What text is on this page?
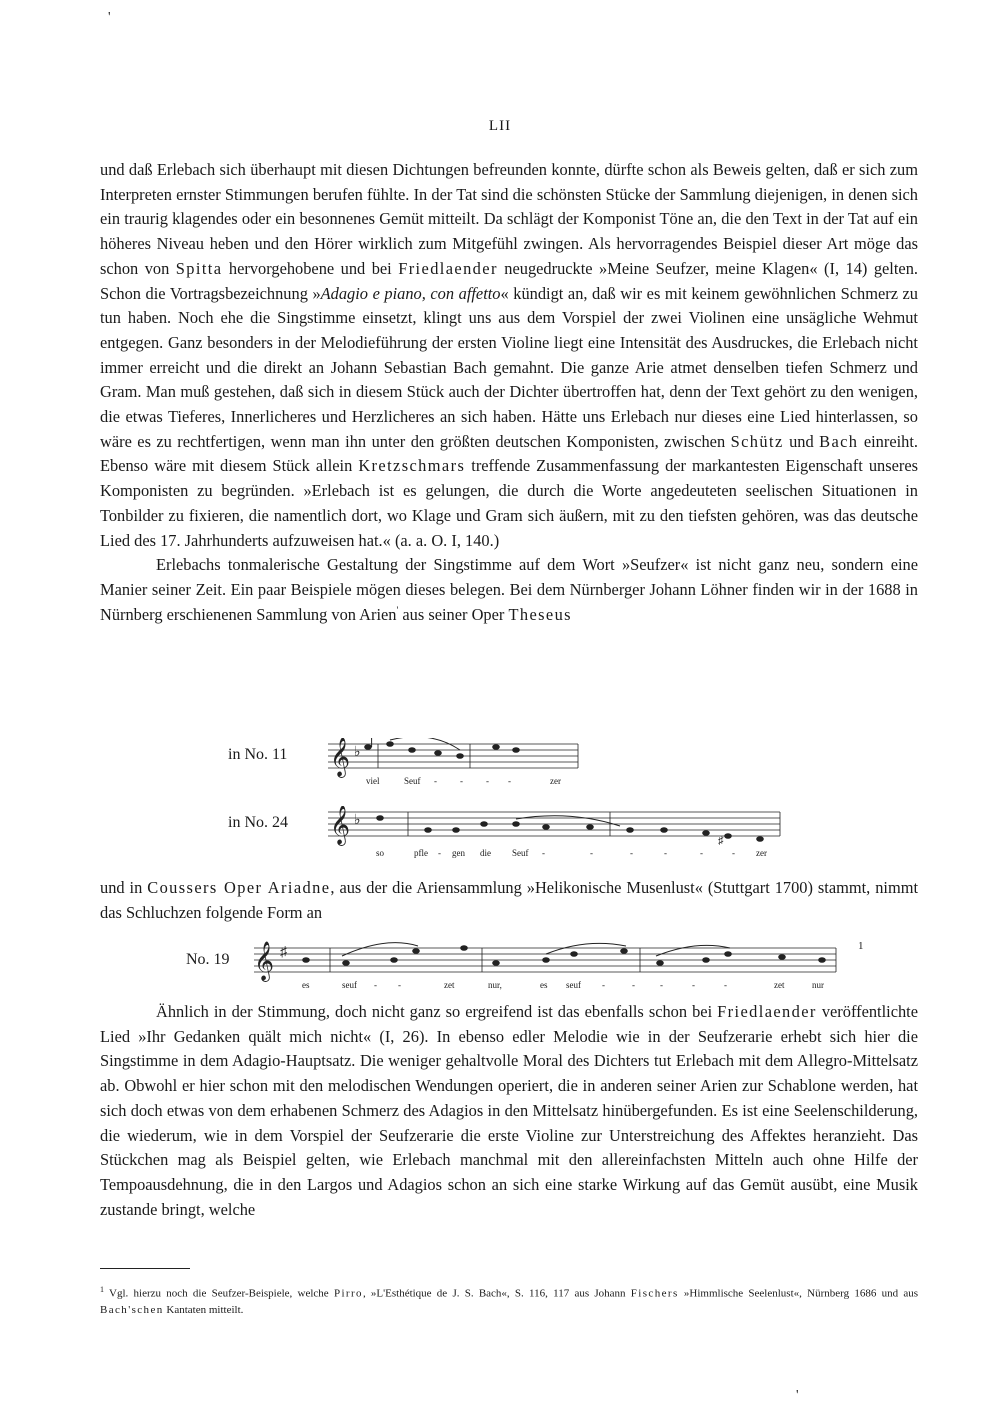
'
LII

und daß Erlebach sich überhaupt mit diesen Dichtungen befreunden konnte, dürfte schon als Beweis gelten, daß er sich zum Interpreten ernster Stimmungen berufen fühlte. In der Tat sind die schönsten Stücke der Sammlung diejenigen, in denen sich ein traurig klagendes oder ein besonnenes Gemüt mitteilt. Da schlägt der Komponist Töne an, die den Text in der Tat auf ein höheres Niveau heben und den Hörer wirklich zum Mitgefühl zwingen. Als hervorragendes Beispiel dieser Art möge das schon von Spitta hervorgehobene und bei Friedlaender neugedruckte »Meine Seufzer, meine Klagen« (I, 14) gelten. Schon die Vortragsbezeichnung »Adagio e piano, con affetto« kündigt an, daß wir es mit keinem gewöhnlichen Schmerz zu tun haben. Noch ehe die Singstimme einsetzt, klingt uns aus dem Vorspiel der zwei Violinen eine unsägliche Wehmut entgegen. Ganz besonders in der Melodieführung der ersten Violine liegt eine Intensität des Ausdruckes, die Erlebach nicht immer erreicht und die direkt an Johann Sebastian Bach gemahnt. Die ganze Arie atmet denselben tiefen Schmerz und Gram. Man muß gestehen, daß sich in diesem Stück auch der Dichter übertroffen hat, denn der Text gehört zu den wenigen, die etwas Tieferes, Innerlicheres und Herzlicheres an sich haben. Hätte uns Erlebach nur dieses eine Lied hinterlassen, so wäre es zu rechtfertigen, wenn man ihn unter den größten deutschen Komponisten, zwischen Schütz und Bach einreiht. Ebenso wäre mit diesem Stück allein Kretzschmars treffende Zusammenfassung der markantesten Eigenschaft unseres Komponisten zu begründen. »Erlebach ist es gelungen, die durch die Worte angedeuteten seelischen Situationen in Tonbilder zu fixieren, die namentlich dort, wo Klage und Gram sich äußern, mit zu den tiefsten gehören, was das deutsche Lied des 17. Jahrhunderts aufzuweisen hat.« (a. a. O. I, 140.)

Erlebachs tonmalerische Gestaltung der Singstimme auf dem Wort »Seufzer« ist nicht ganz neu, sondern eine Manier seiner Zeit. Ein paar Beispiele mögen dieses belegen. Bei dem Nürnberger Johann Löhner finden wir in der 1688 in Nürnberg erschienenen Sammlung von Arien' aus seiner Oper Theseus

in No. 11 𝄞 ♭
viel	Seuf -	-	- -	zer
in No. 24 𝄞 ♭
♯
so	pfle - gen die Seuf -	-	-	-	-	- zer

und in Coussers Oper Ariadne, aus der die Ariensammlung »Helikonische Musenlust« (Stuttgart 1700) stammt, nimmt das Schluchzen folgende Form an

No. 19 𝄞 ♯
es	seuf - -	zet	nur,	es seuf -	-	-	-	-	zet	nur
1

Ähnlich in der Stimmung, doch nicht ganz so ergreifend ist das ebenfalls schon bei Friedlaender veröffentlichte Lied »Ihr Gedanken quält mich nicht« (I, 26). In ebenso edler Melodie wie in der Seufzerarie erhebt sich hier die Singstimme in dem Adagio-Hauptsatz. Die weniger gehaltvolle Moral des Dichters tut Erlebach mit dem Allegro-Mittelsatz ab. Obwohl er hier schon mit den melodischen Wendungen operiert, die in anderen seiner Arien zur Schablone werden, hat sich doch etwas von dem erhabenen Schmerz des Adagios in den Mittelsatz hinübergefunden. Es ist eine Seelenschilderung, die wiederum, wie in dem Vorspiel der Seufzerarie die erste Violine zur Unterstreichung des Affektes heranzieht. Das Stückchen mag als Beispiel gelten, wie Erlebach manchmal mit den allereinfachsten Mitteln auch ohne Hilfe der Tempoausdehnung, die in den Largos und Adagios schon an sich eine starke Wirkung auf das Gemüt ausübt, eine Musik zustande bringt, welche

$^1$ Vgl. hierzu noch die Seufzer-Beispiele, welche Pirro, »L'Esthétique de J. S. Bach«, S. 116, 117 aus Johann Fischers »Himmlische Seelenlust«, Nürnberg 1686 und aus Bach'schen Kantaten mitteilt.
'
